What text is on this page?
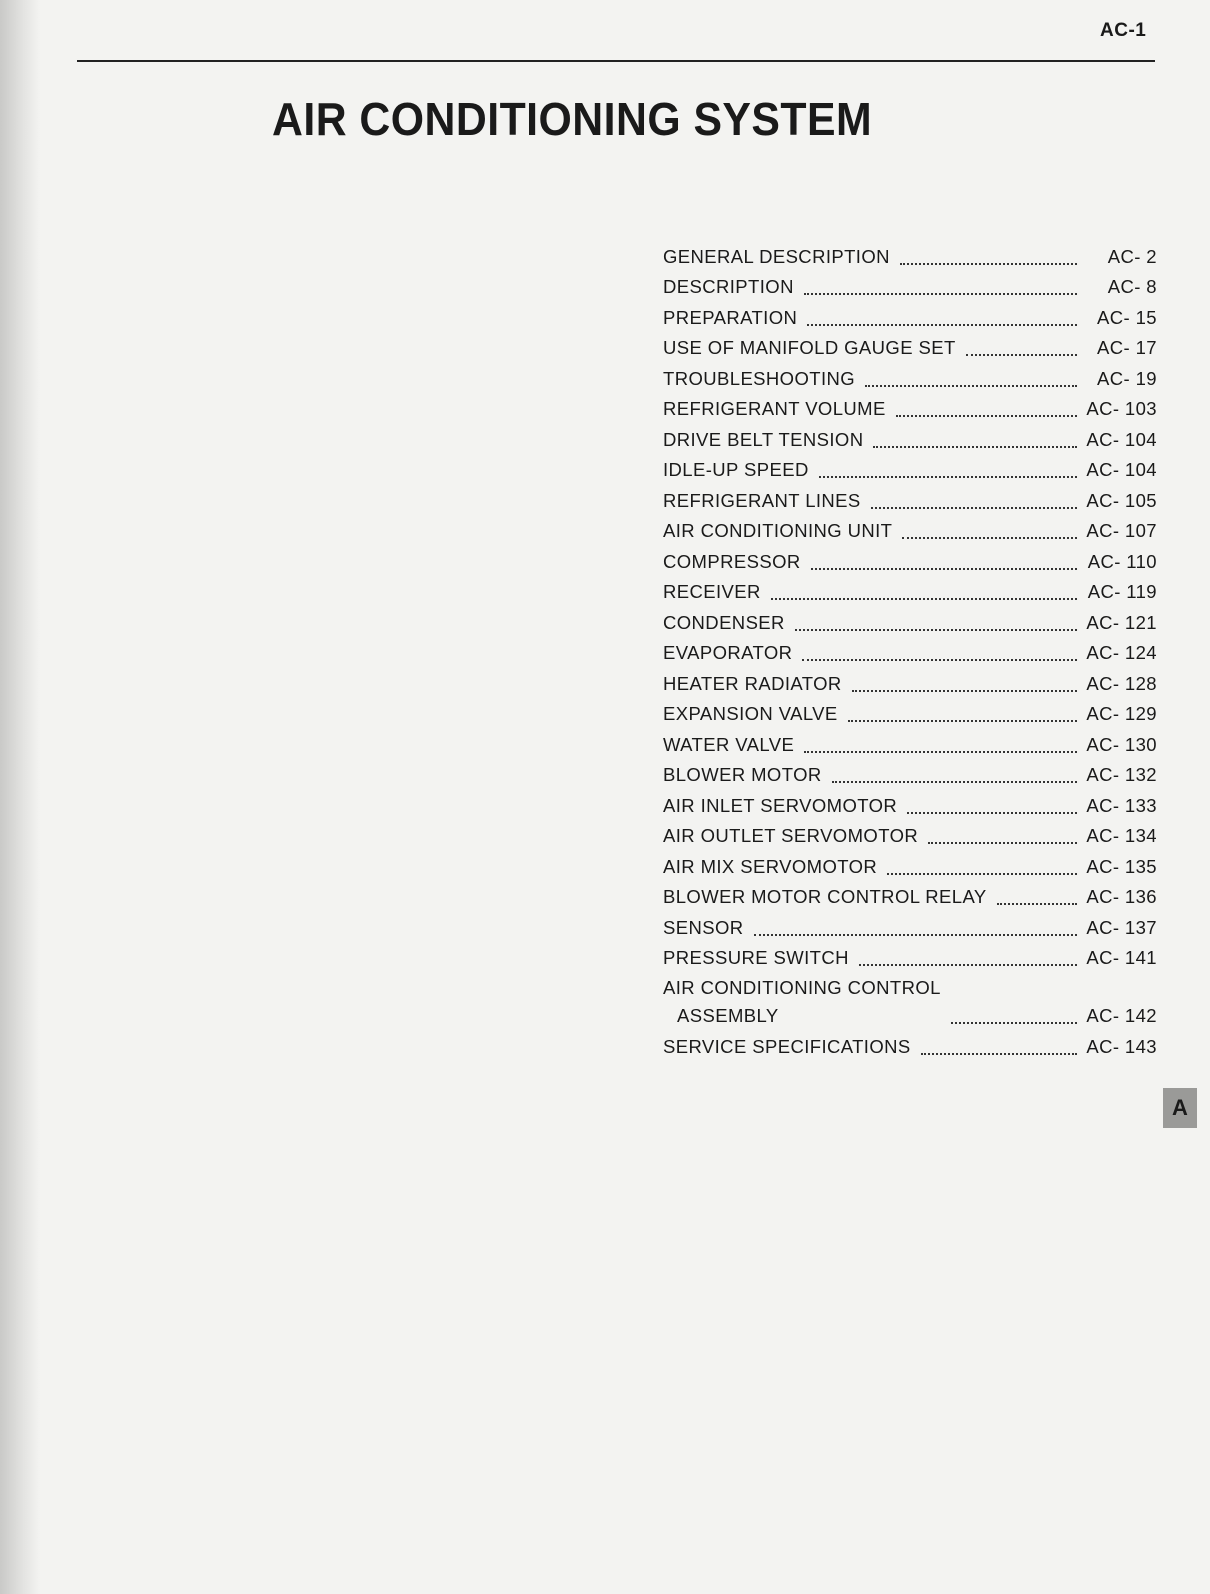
AC-1
AIR CONDITIONING SYSTEM
GENERAL DESCRIPTION	AC- 2
DESCRIPTION	AC- 8
PREPARATION	AC- 15
USE OF MANIFOLD GAUGE SET	AC- 17
TROUBLESHOOTING	AC- 19
REFRIGERANT VOLUME	AC- 103
DRIVE BELT TENSION	AC- 104
IDLE-UP SPEED	AC- 104
REFRIGERANT LINES	AC- 105
AIR CONDITIONING UNIT	AC- 107
COMPRESSOR	AC- 110
RECEIVER	AC- 119
CONDENSER	AC- 121
EVAPORATOR	AC- 124
HEATER RADIATOR	AC- 128
EXPANSION VALVE	AC- 129
WATER VALVE	AC- 130
BLOWER MOTOR	AC- 132
AIR INLET SERVOMOTOR	AC- 133
AIR OUTLET SERVOMOTOR	AC- 134
AIR MIX SERVOMOTOR	AC- 135
BLOWER MOTOR CONTROL RELAY	AC- 136
SENSOR	AC- 137
PRESSURE SWITCH	AC- 141
AIR CONDITIONING CONTROL
ASSEMBLY	AC- 142
SERVICE SPECIFICATIONS	AC- 143
A
